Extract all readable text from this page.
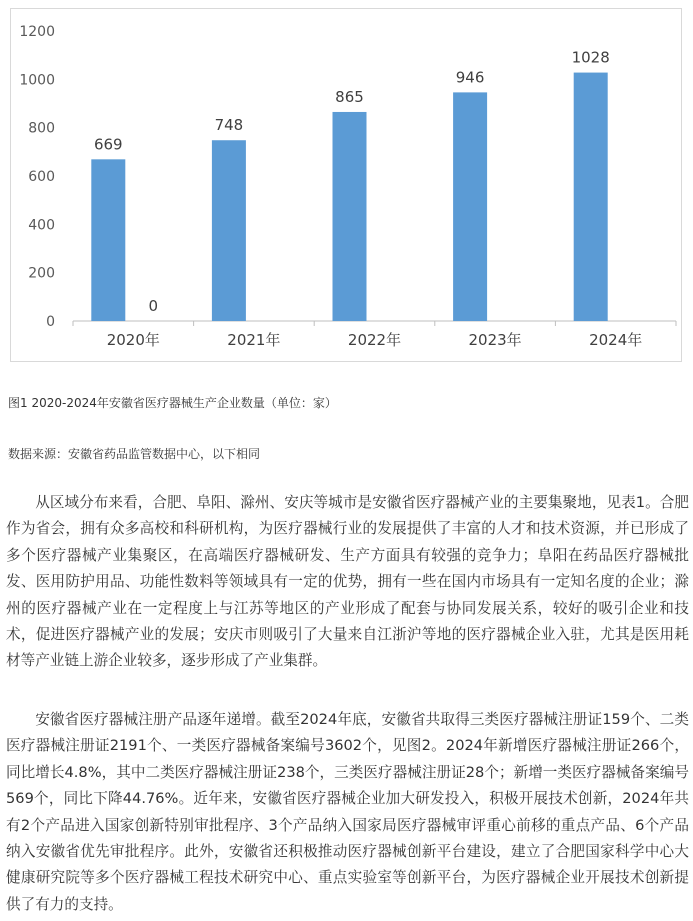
0
200
400
600
800
1000
1200
669
0
2020年
748
2021年
865
2022年
946
2023年
1028
2024年
图1 2020-2024年安徽省医疗器械生产企业数量（单位：家）
数据来源：安徽省药品监管数据中心，以下相同

从区域分布来看，合肥、阜阳、滁州、安庆等城市是安徽省医疗器械产业的主要集聚地，见表1。合肥作为省会，拥有众多高校和科研机构，为医疗器械行业的发展提供了丰富的人才和技术资源，并已形成了多个医疗器械产业集聚区，在高端医疗器械研发、生产方面具有较强的竞争力；阜阳在药品医疗器械批发、医用防护用品、功能性数料等领域具有一定的优势，拥有一些在国内市场具有一定知名度的企业；滁州的医疗器械产业在一定程度上与江苏等地区的产业形成了配套与协同发展关系，较好的吸引企业和技术，促进医疗器械产业的发展；安庆市则吸引了大量来自江浙沪等地的医疗器械企业入驻，尤其是医用耗材等产业链上游企业较多，逐步形成了产业集群。

安徽省医疗器械注册产品逐年递增。截至2024年底，安徽省共取得三类医疗器械注册证159个、二类医疗器械注册证2191个、一类医疗器械备案编号3602个，见图2。2024年新增医疗器械注册证266个，同比增长4.8%，其中二类医疗器械注册证238个，三类医疗器械注册证28个；新增一类医疗器械备案编号569个，同比下降44.76%。近年来，安徽省医疗器械企业加大研发投入，积极开展技术创新，2024年共有2个产品进入国家创新特别审批程序、3个产品纳入国家局医疗器械审评重心前移的重点产品、6个产品纳入安徽省优先审批程序。此外，安徽省还积极推动医疗器械创新平台建设，建立了合肥国家科学中心大健康研究院等多个医疗器械工程技术研究中心、重点实验室等创新平台，为医疗器械企业开展技术创新提供了有力的支持。
